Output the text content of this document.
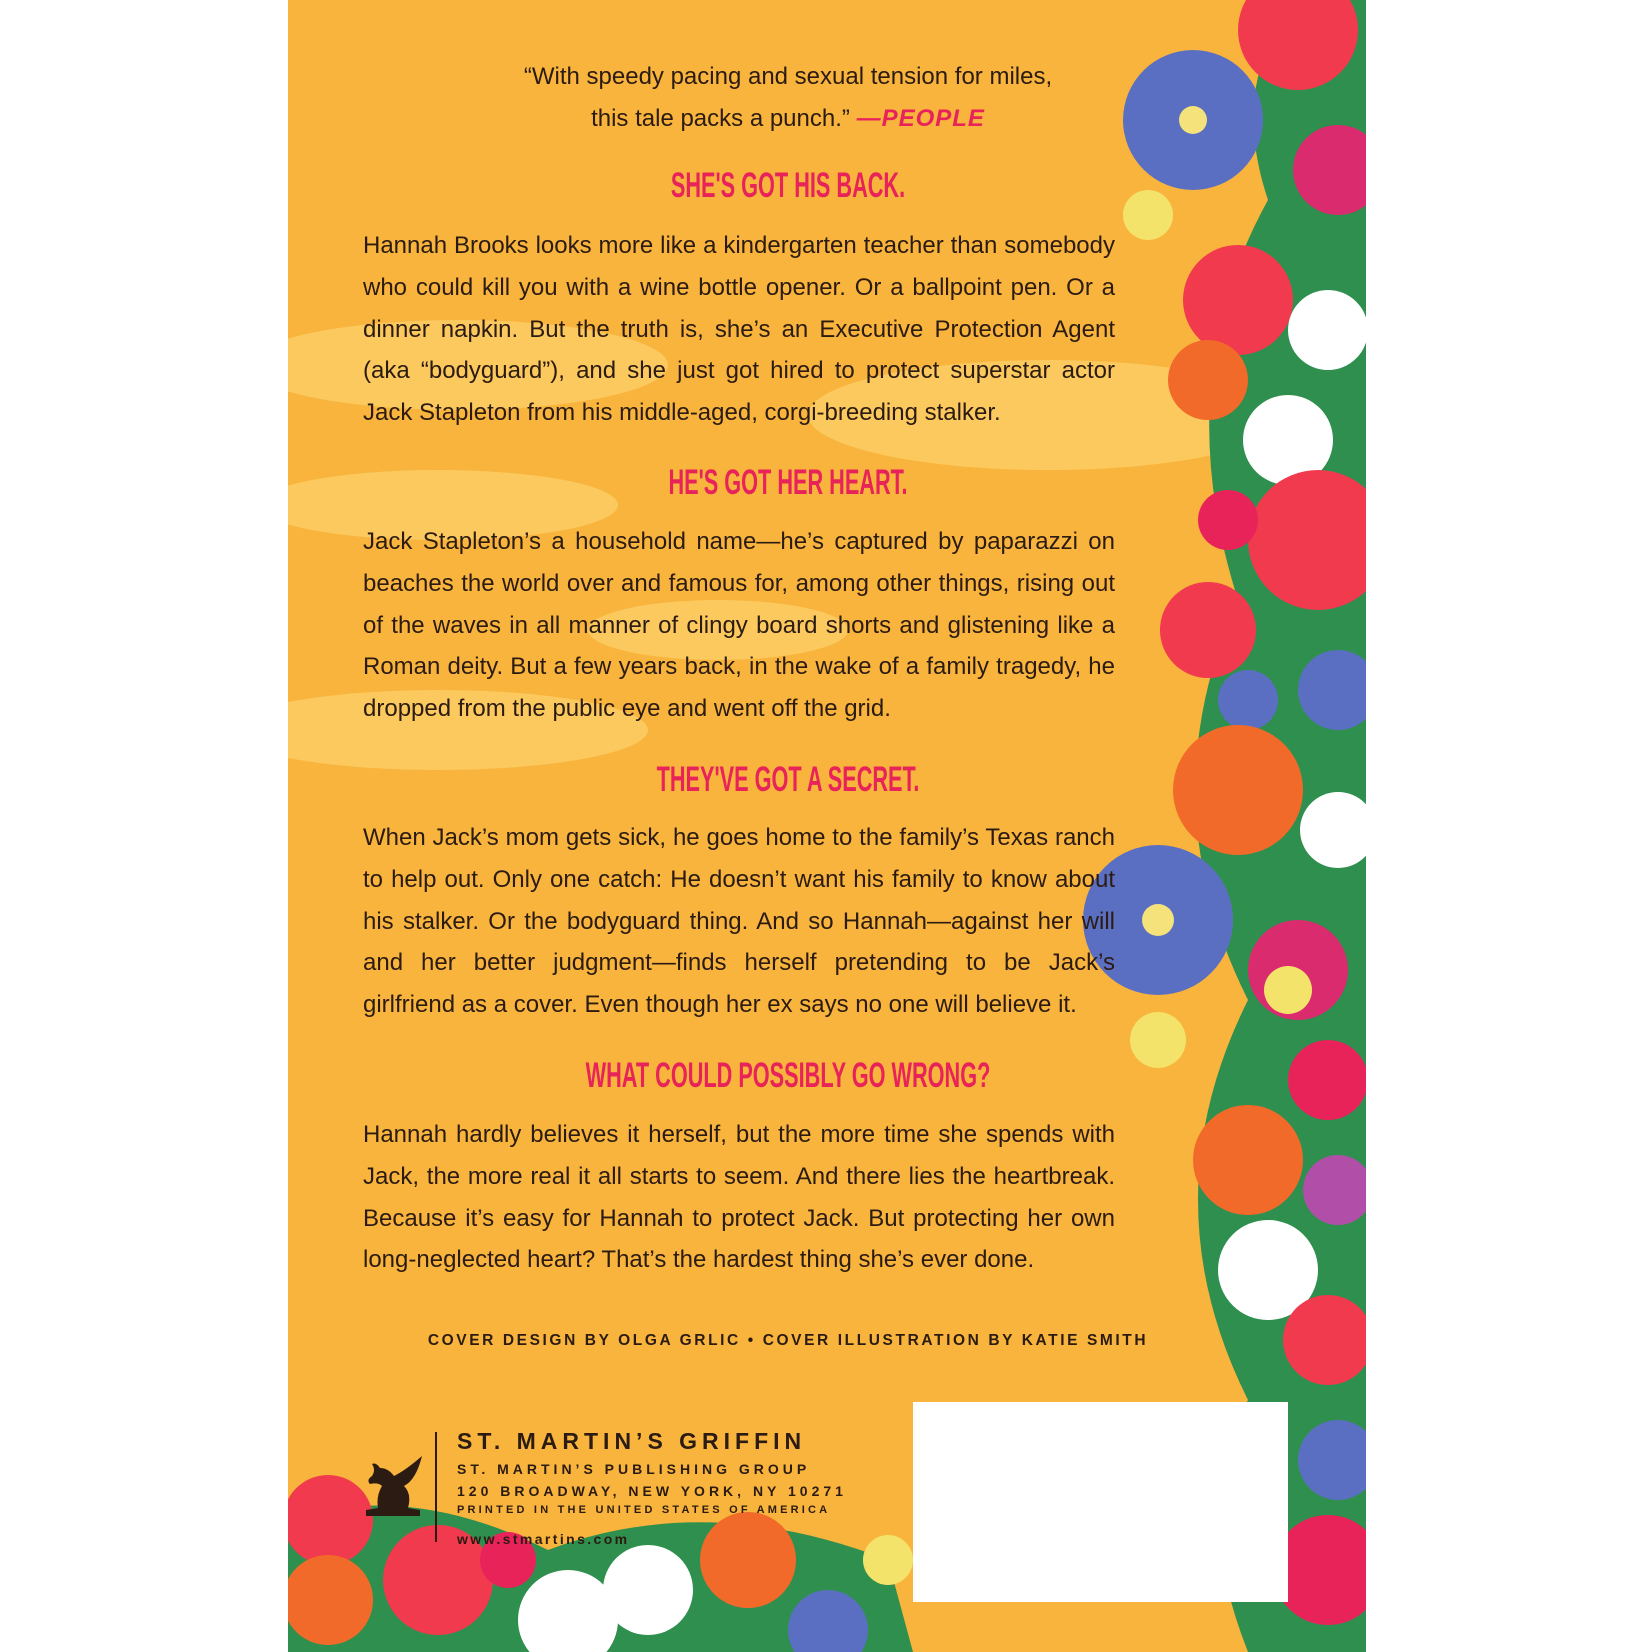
“With speedy pacing and sexual tension for miles,
this tale packs a punch.” —PEOPLE
SHE'S GOT HIS BACK.

Hannah Brooks looks more like a kindergarten teacher than somebody who could kill you with a wine bottle opener. Or a ballpoint pen. Or a dinner napkin. But the truth is, she’s an Executive Protection Agent (aka “bodyguard”), and she just got hired to protect superstar actor Jack Stapleton from his middle-aged, corgi-breeding stalker.

HE'S GOT HER HEART.

Jack Stapleton’s a household name—he’s captured by paparazzi on beaches the world over and famous for, among other things, rising out of the waves in all manner of clingy board shorts and glistening like a Roman deity. But a few years back, in the wake of a family tragedy, he dropped from the public eye and went off the grid.

THEY'VE GOT A SECRET.

When Jack’s mom gets sick, he goes home to the family’s Texas ranch to help out. Only one catch: He doesn’t want his family to know about his stalker. Or the bodyguard thing. And so Hannah—against her will and her better judgment—finds herself pretending to be Jack’s girlfriend as a cover. Even though her ex says no one will believe it.

WHAT COULD POSSIBLY GO WRONG?

Hannah hardly believes it herself, but the more time she spends with Jack, the more real it all starts to seem. And there lies the heartbreak. Because it’s easy for Hannah to protect Jack. But protecting her own long-neglected heart? That’s the hardest thing she’s ever done.

COVER DESIGN BY OLGA GRLIC • COVER ILLUSTRATION BY KATIE SMITH
ST. MARTIN’S GRIFFIN
ST. MARTIN’S PUBLISHING GROUP
120 BROADWAY, NEW YORK, NY 10271
PRINTED IN THE UNITED STATES OF AMERICA
www.stmartins.com
